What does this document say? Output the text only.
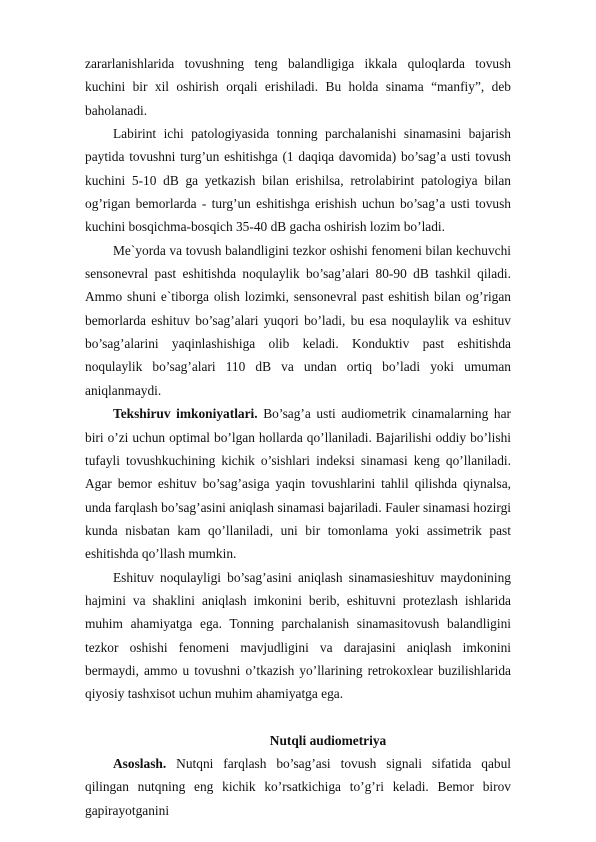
zararlanishlarida tovushning teng balandligiga ikkala quloqlarda tovush kuchini bir xil oshirish orqali erishiladi. Bu holda sinama “manfiy”, deb baholanadi.

Labirint ichi patologiyasida tonning parchalanishi sinamasini bajarish paytida tovushni turg’un eshitishga (1 daqiqa davomida) bo’sag’a usti tovush kuchini 5-10 dB ga yetkazish bilan erishilsa, retrolabirint patologiya bilan og’rigan bemorlarda - turg’un eshitishga erishish uchun bo’sag’a usti tovush kuchini bosqichma-bosqich 35-40 dB gacha oshirish lozim bo’ladi.

Me`yorda va tovush balandligini tezkor oshishi fenomeni bilan kechuvchi sensonevral past eshitishda noqulaylik bo’sag’alari 80-90 dB tashkil qiladi. Ammo shuni e`tiborga olish lozimki, sensonevral past eshitish bilan og’rigan bemorlarda eshituv bo’sag’alari yuqori bo’ladi, bu esa noqulaylik va eshituv bo’sag’alarini yaqinlashishiga olib keladi. Konduktiv past eshitishda noqulaylik bo’sag’alari 110 dB va undan ortiq bo’ladi yoki umuman aniqlanmaydi.

Tekshiruv imkoniyatlari. Bo’sag’a usti audiometrik cinamalarning har biri o’zi uchun optimal bo’lgan hollarda qo’llaniladi. Bajarilishi oddiy bo’lishi tufayli tovushkuchining kichik o’sishlari indeksi sinamasi keng qo’llaniladi. Agar bemor eshituv bo’sag’asiga yaqin tovushlarini tahlil qilishda qiynalsa, unda farqlash bo’sag’asini aniqlash sinamasi bajariladi. Fauler sinamasi hozirgi kunda nisbatan kam qo’llaniladi, uni bir tomonlama yoki assimetrik past eshitishda qo’llash mumkin.

Eshituv noqulayligi bo’sag’asini aniqlash sinamasieshituv maydonining hajmini va shaklini aniqlash imkonini berib, eshituvni protezlash ishlarida muhim ahamiyatga ega. Tonning parchalanish sinamasitovush balandligini tezkor oshishi fenomeni mavjudligini va darajasini aniqlash imkonini bermaydi, ammo u tovushni o’tkazish yo’llarining retrokoxlear buzilishlarida qiyosiy tashxisot uchun muhim ahamiyatga ega.

Nutqli audiometriya

Asoslash. Nutqni farqlash bo’sag’asi tovush signali sifatida qabul qilingan nutqning eng kichik ko’rsatkichiga to’g’ri keladi. Bemor birov gapirayotganini
